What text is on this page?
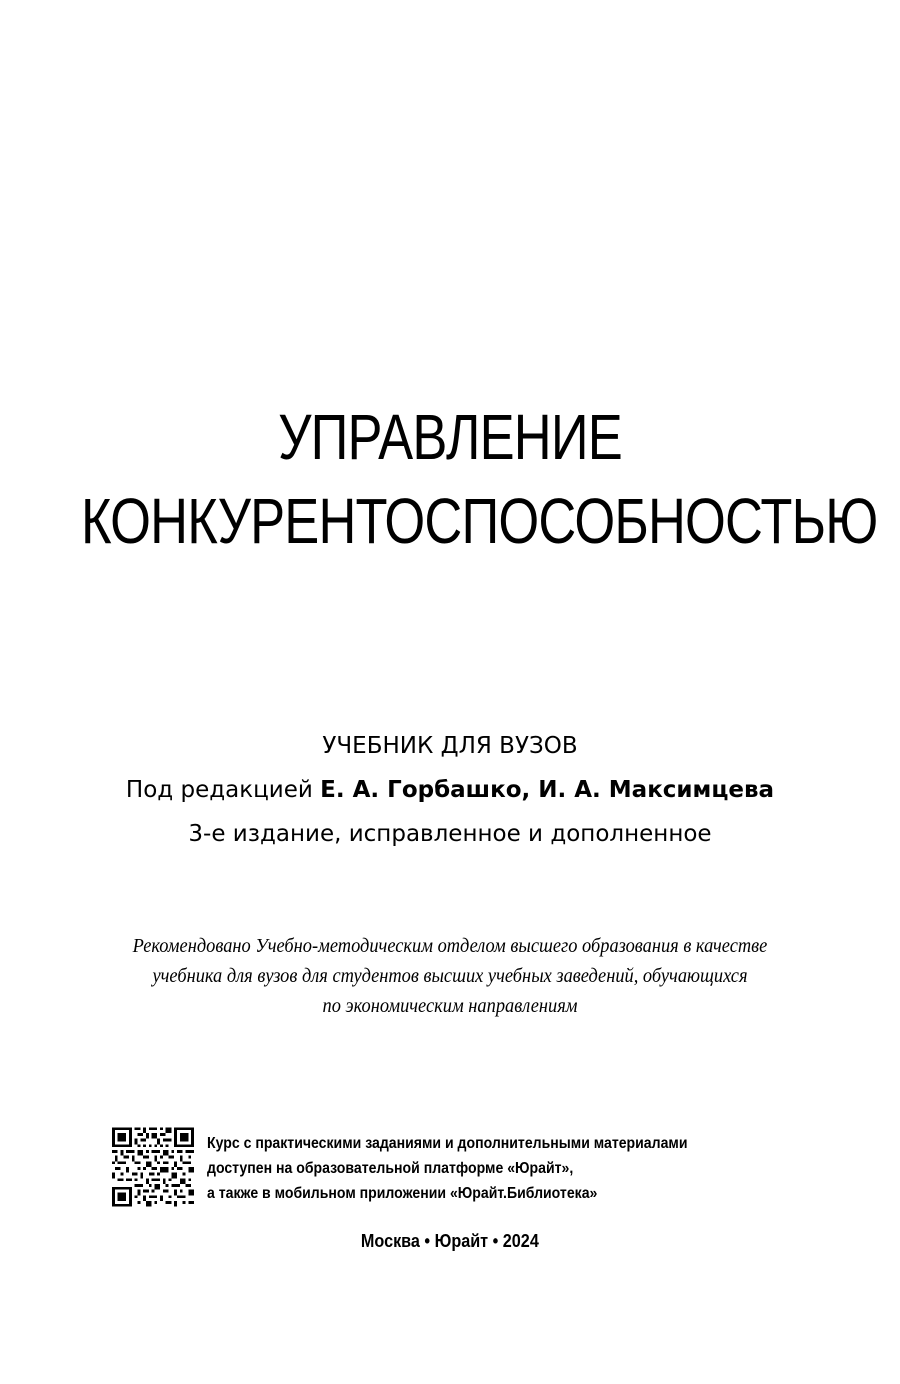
УПРАВЛЕНИЕ
КОНКУРЕНТОСПОСОБНОСТЬЮ
УЧЕБНИК ДЛЯ ВУЗОВ
Под редакцией Е. А. Горбашко, И. А. Максимцева
3-е издание, исправленное и дополненное
Рекомендовано Учебно-методическим отделом высшего образования в качестве
учебника для вузов для студентов высших учебных заведений, обучающихся
по экономическим направлениям
Курс с практическими заданиями и дополнительными материалами
доступен на образовательной платформе «Юрайт»,
а также в мобильном приложении «Юрайт.Библиотека»
Москва • Юрайт • 2024
